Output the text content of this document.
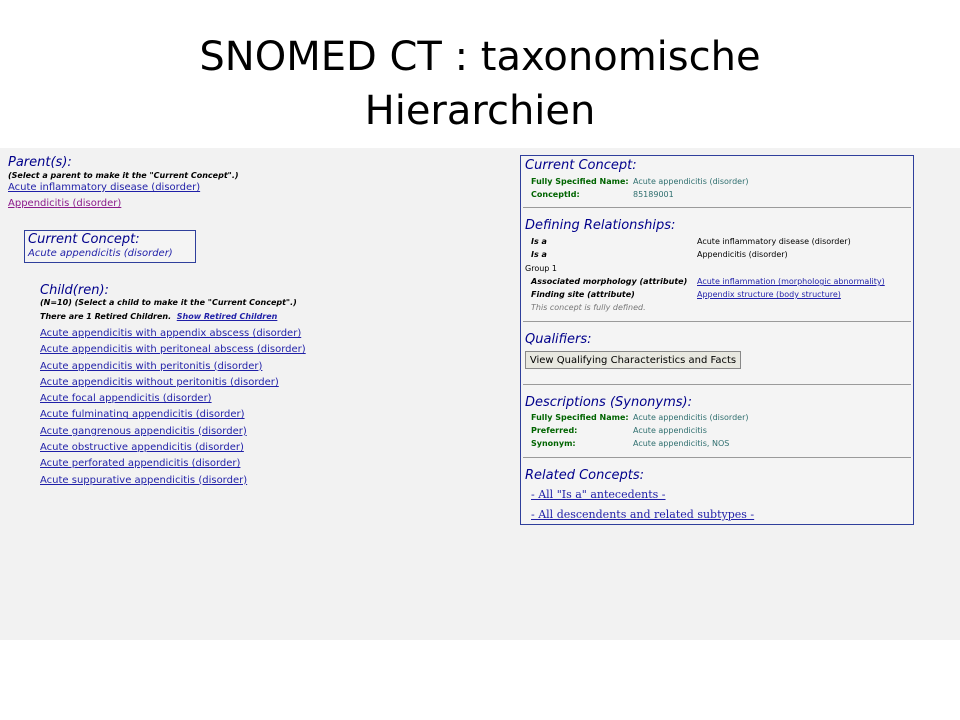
SNOMED CT : taxonomische
Hierarchien
Parent(s):
(Select a parent to make it the "Current Concept".)
Acute inflammatory disease (disorder)
Appendicitis (disorder)
Current Concept:
Acute appendicitis (disorder)
Child(ren):
(N=10) (Select a child to make it the "Current Concept".)
There are 1 Retired Children. Show Retired Children
Acute appendicitis with appendix abscess (disorder)
Acute appendicitis with peritoneal abscess (disorder)
Acute appendicitis with peritonitis (disorder)
Acute appendicitis without peritonitis (disorder)
Acute focal appendicitis (disorder)
Acute fulminating appendicitis (disorder)
Acute gangrenous appendicitis (disorder)
Acute obstructive appendicitis (disorder)
Acute perforated appendicitis (disorder)
Acute suppurative appendicitis (disorder)
Current Concept:
Fully Specified Name: Acute appendicitis (disorder)
ConceptId:	85189001
Defining Relationships:
Is a	Acute inflammatory disease (disorder)
Is a	Appendicitis (disorder)
Group 1
Associated morphology (attribute) Acute inflammation (morphologic abnormality)
Finding site (attribute)	Appendix structure (body structure)
This concept is fully defined.
Qualifiers:
View Qualifying Characteristics and Facts
Descriptions (Synonyms):
Fully Specified Name: Acute appendicitis (disorder)
Preferred:	Acute appendicitis
Synonym:	Acute appendicitis, NOS
Related Concepts:
- All "Is a" antecedents -
- All descendents and related subtypes -
